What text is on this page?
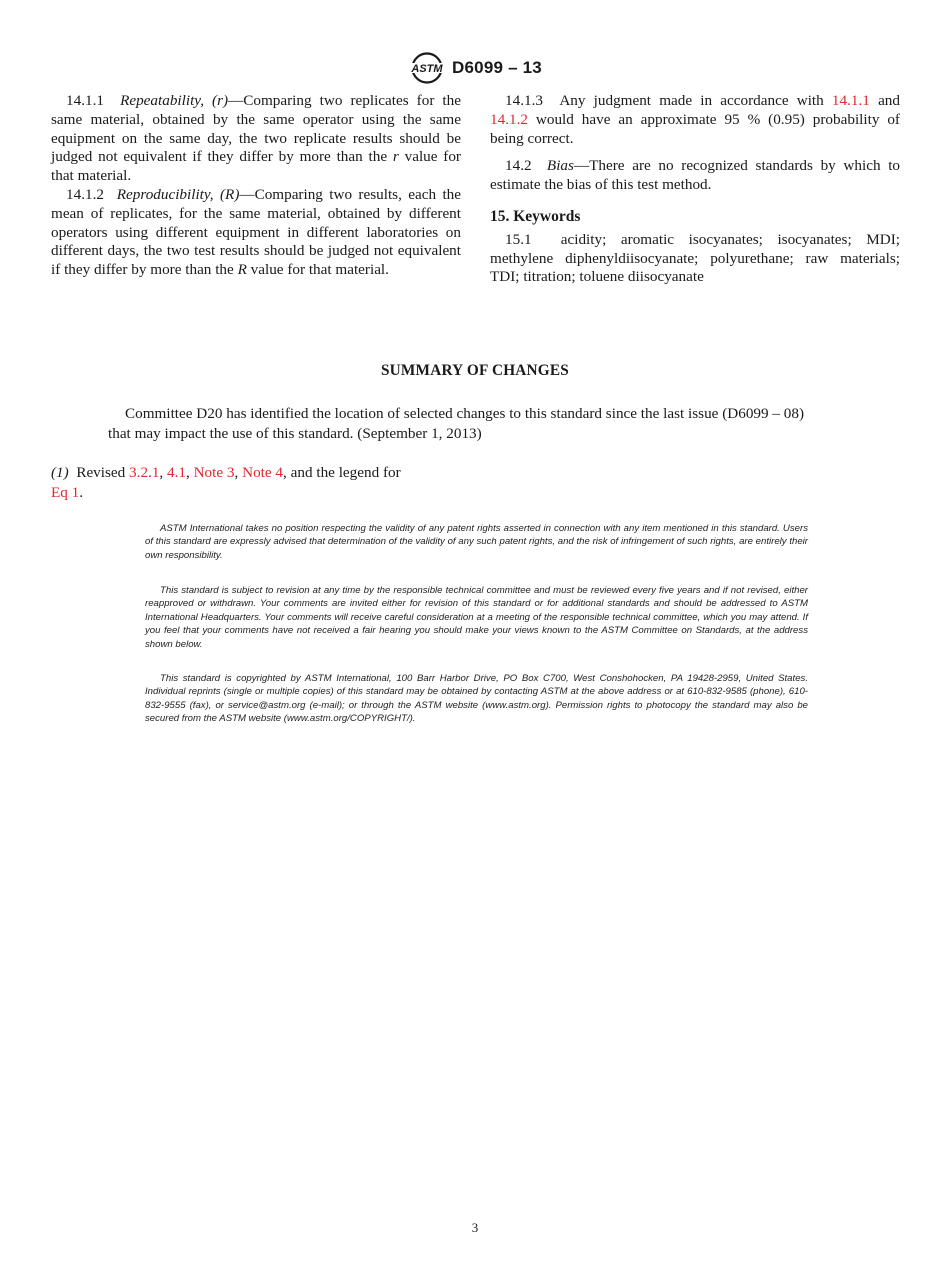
ASTM D6099 – 13

14.1.1 Repeatability, (r)—Comparing two replicates for the same material, obtained by the same operator using the same equipment on the same day, the two replicate results should be judged not equivalent if they differ by more than the r value for that material.

14.1.2 Reproducibility, (R)—Comparing two results, each the mean of replicates, for the same material, obtained by different operators using different equipment in different laboratories on different days, the two test results should be judged not equivalent if they differ by more than the R value for that material.

14.1.3 Any judgment made in accordance with 14.1.1 and 14.1.2 would have an approximate 95 % (0.95) probability of being correct.

14.2 Bias—There are no recognized standards by which to estimate the bias of this test method.

15. Keywords

15.1 acidity; aromatic isocyanates; isocyanates; MDI; methylene diphenyldiisocyanate; polyurethane; raw materials; TDI; titration; toluene diisocyanate

SUMMARY OF CHANGES

Committee D20 has identified the location of selected changes to this standard since the last issue (D6099 – 08) that may impact the use of this standard. (September 1, 2013)

(1) Revised 3.2.1, 4.1, Note 3, Note 4, and the legend for
Eq 1.

ASTM International takes no position respecting the validity of any patent rights asserted in connection with any item mentioned in this standard. Users of this standard are expressly advised that determination of the validity of any such patent rights, and the risk of infringement of such rights, are entirely their own responsibility.

This standard is subject to revision at any time by the responsible technical committee and must be reviewed every five years and if not revised, either reapproved or withdrawn. Your comments are invited either for revision of this standard or for additional standards and should be addressed to ASTM International Headquarters. Your comments will receive careful consideration at a meeting of the responsible technical committee, which you may attend. If you feel that your comments have not received a fair hearing you should make your views known to the ASTM Committee on Standards, at the address shown below.

This standard is copyrighted by ASTM International, 100 Barr Harbor Drive, PO Box C700, West Conshohocken, PA 19428-2959, United States. Individual reprints (single or multiple copies) of this standard may be obtained by contacting ASTM at the above address or at 610-832-9585 (phone), 610-832-9555 (fax), or service@astm.org (e-mail); or through the ASTM website (www.astm.org). Permission rights to photocopy the standard may also be secured from the ASTM website (www.astm.org/COPYRIGHT/).

3
